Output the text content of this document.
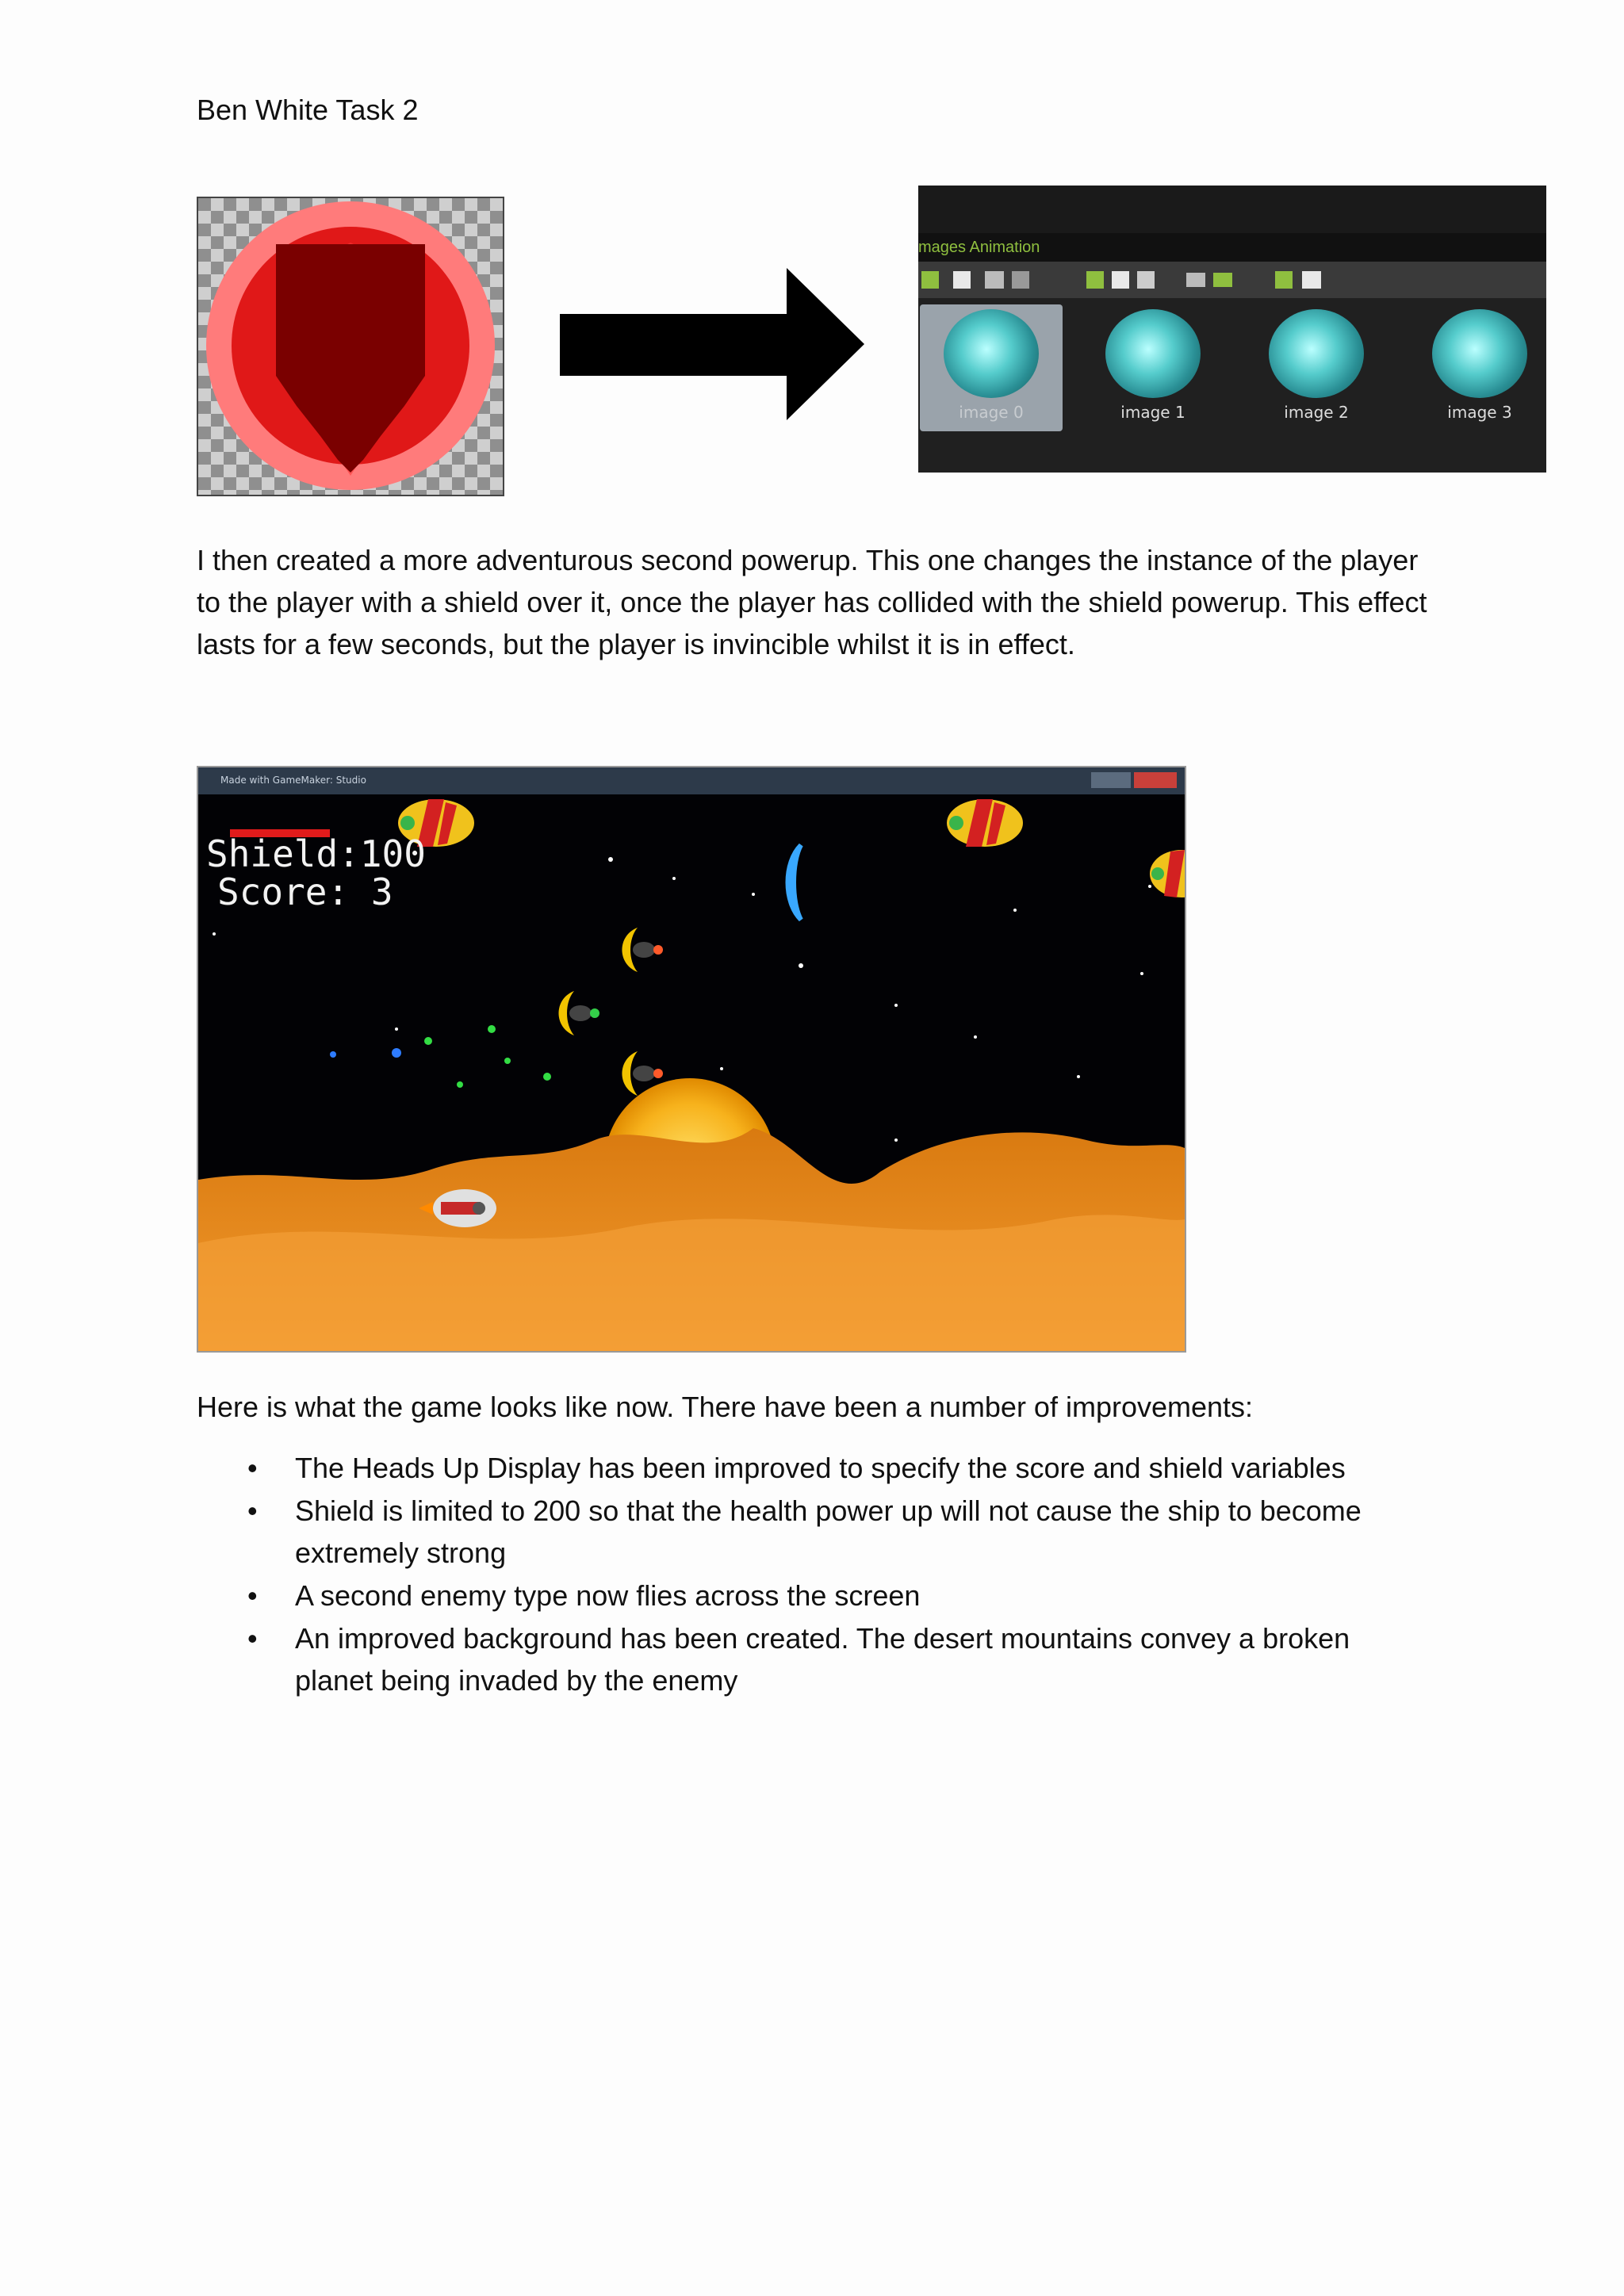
Ben White Task 2
mages Animation
image 0	image 1	image 2	image 3
I then created a more adventurous second powerup. This one changes the instance of the player to the player with a shield over it, once the player has collided with the shield powerup. This effect lasts for a few seconds, but the player is invincible whilst it is in effect.
Made with GameMaker: Studio
Shield:100
Score: 3
Here is what the game looks like now. There have been a number of improvements:
• The Heads Up Display has been improved to specify the score and shield variables
• Shield is limited to 200 so that the health power up will not cause the ship to become extremely strong
• A second enemy type now flies across the screen
• An improved background has been created. The desert mountains convey a broken planet being invaded by the enemy
